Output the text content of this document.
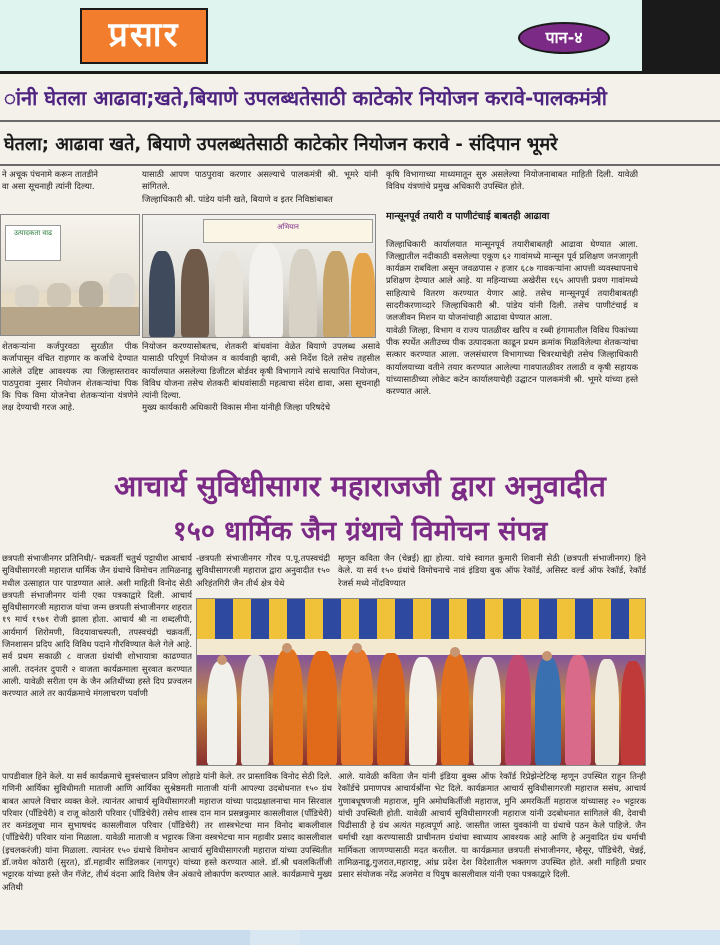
प्रसार	पान-४
ांनी घेतला आढावा;खते,बियाणे उपलब्धतेसाठी काटेकोर नियोजन करावे-पालकमंत्री
घेतला; आढावा खते, बियाणे उपलब्धतेसाठी काटेकोर नियोजन करावे - संदिपान भूमरे
ने अचूक पंचनामे करून तातडीने
वा असा सूचनाही त्यांनी दिल्या.
यासाठी आपण पाठपुरावा करणार असल्याचे पालकमंत्री श्री. भूमरे यांनी सांगितले.
जिल्हाधिकारी श्री. पांडेय यांनी खते, बियाणे व इतर निविष्ठांबाबत
कृषि विभागाच्या माध्यमातून सुरु असलेल्या नियोजनाबाबत माहिती दिली. यावेळी विविध यंत्रणांचे प्रमुख अधिकारी उपस्थित होते.

मान्सूनपूर्व तयारी व पाणीटंचाई बाबतही आढावा

जिल्हाधिकारी कार्यालयात मान्सूनपूर्व तयारीबाबतही आढावा घेण्यात आला. जिल्ह्यातील नदीकाठी वसलेल्या एकूण ६२ गावांमध्ये मान्सून पूर्व प्रशिक्षण जनजागृती कार्यक्रम राबविला असून जवळपास २ हजार ६८७ गावकऱ्यांना आपत्ती व्यवस्थापनाचे प्रशिक्षण देण्यात आले आहे. या महिन्याच्या अखेरीस १६५ आपत्ती प्रवण गावांमध्ये साहित्याचे वितरण करण्यात येणार आहे. तसेच मान्सूनपूर्व तयारीबाबतही सादरीकरणाव्दारे जिल्हाधिकारी श्री. पांडेय यांनी दिली. तसेच पाणीटंचाई व जलजीवन मिशन या योजनांचाही आढावा घेण्यात आला.
यावेळी जिल्हा, विभाग व राज्य पातळीवर खरिप व रब्बी हंगामातील विविध पिकांच्या पीक स्पर्धेत अतीउच्च पीक उत्पादकता काढून प्रथम क्रमांक मिळविलेल्या शेतकऱ्यांचा सत्कार करण्यात आला. जलसंधारण विभागाच्या चित्ररथाचेही तसेच जिल्हाधिकारी कार्यालयाच्या वतीने तयार करण्यात आलेल्या गावपातळीवर तलाठी व कृषी सहायक यांच्यासाठीच्या लोकेट कटेन कार्यालयाचेही उद्घाटन पालकमंत्री श्री. भूमरे यांच्या हस्ते करण्यात आले.

उत्पादकता वाढ
अभियान
शेतकऱ्यांना कर्जपुरवठा सुरळीत पीक कर्जापासून वंचित राहणार क कर्जाचे देण्यात आलेले उद्दिष्ट आवश्यक त्या जिल्हास्तरावर पाठपुरावा नुसार नियोजन शेतकऱ्यांचा पिक कि पिक विमा योजनेचा शेतकऱ्यांना यंत्रणेने लक्ष देण्याची गरज आहे.
नियोजन करण्यासोबतच, शेतकरी बांधवांना वेळेत बियाणे उपलब्ध असावे यासाठी परिपूर्ण नियोजन व कार्यवाही व्हावी, असे निर्देश दिले तसेच तहसील कार्यालयात असलेल्या डिजीटल बोर्डवर कृषी विभागाने त्यांचे सत्यापित नियोजन, विविध योजना तसेच शेतकरी बांधवांसाठी महत्वाचा संदेश द्यावा, असा सूचनाही त्यांनी दिल्या.
मुख्य कार्यकारी अधिकारी विकास मीना यांनीही जिल्हा परिषदेचे
आचार्य सुविधीसागर महाराजजी द्वारा अनुवादीत
१५० धार्मिक जैन ग्रंथाचे विमोचन संपन्न
छत्रपती संभाजीनगर प्रतिनिधी/- चक्रवर्ती चतुर्थ पट्टाधीश आचार्य सुविधीसागरजी महाराज धार्मिक जैन ग्रंथाचे विमोचन तामिळनाडू मधील उत्साहात पार पाडण्यात आले. अशी माहिती विनोद सेठी छत्रपती संभाजीनगर यांनी एका पत्रकाद्वारे दिली. आचार्य सुविधीसागरजी महाराज यांचा जन्म छत्रपती संभाजीनगर शहरात १९ मार्च १९७१ रोजी झाला होता. आचार्य श्री ना शब्दलीपी, आर्यमार्ग शिरोमणी, विदयावाचस्पती, तपस्वचंद्री चक्रवर्ती, जिनशासन प्रदिप आदि विविध पदाने गौरविण्यात केले गेले आहे. सर्व प्रथम सकाळी ८ वाजता ग्रंथांची शोभायात्रा काढण्यात आली. तदनंतर दुपारी २ वाजता कार्यक्रमाला सुरवात करण्यात आली. यावेळी सरीता एम के जैन अतिथींच्या हस्ते दिप प्रज्वलन करण्यात आले तर कार्यक्रमाचे मंगलाचरण पर्वाणी
-छत्रपती संभाजीनगर गौरव प.पू.तपस्वचंद्री सुविधीसागरजी महाराज द्वारा अनुवादीत १५० अरिहंतगिरी जैन तीर्थ क्षेत्र येथे
म्हणून कविता जैन (चेन्नई) ह्या होत्या. यांचे स्वागत कुमारी शिवानी सेठी (छत्रपती संभाजीनगर) हिने केले. या सर्व १५० ग्रंथांचे विमोचनाचे नावं इंडिया बुक ऑफ रेकॉर्ड, असिस्ट वर्ल्ड ऑफ रेकॉर्ड, रेकॉर्ड रेजर्स मध्ये नोंदविण्यात
पापडीवाल हिने केले. या सर्व कार्यक्रमाचे सुत्रसंचालन प्रविण लोहाडे यांनी केले. तर प्रास्ताविक विनोद सेठी दिले. गणिनी आर्यिका सुविधीमती माताजी आणि आर्यिका सुश्रेष्ठमती माताजी यांनी आपल्या उदबोधनात १५० ग्रंथ बाबत आपले विचार व्यक्त केले. त्यानंतर आचार्य सुविधीसागरजी महाराज यांच्या पादप्रक्षालनाचा मान सिरवाल परिवार (पॉंडिचेरी) व राजू कोठारी परिवार (पॉंडिचेरी) तसेच शास्त्र दान मान प्रसन्नकुमार कासलीवाल (पॉंडिचेरी) तर कमंडलूचा मान सुभाषचंद कासलीवाल परिवार (पॉंडिचेरी) तर शास्त्रभेटचा मान विनोद बाकलीवाल (पॉंडिचेरी) परिवार यांना मिळाला. यावेळी माताजी व भट्टारक जिना वस्त्रभेटचा मान महावीर प्रसाद कासलीवाल (इचलकरंजी) यांना मिळाला. त्यानंतर १५० ग्रंथाचे विमोचन आचार्य सुविधीसागरजी महाराज यांच्या उपस्थितीत डॉ.जयेश कोठारी (सुरत), डॉ.महावीर सांडिलकर (नागपुर) यांच्या हस्ते करण्यात आले. डॉ.श्री धवलकिर्तीजी भट्टारक यांच्या हस्ते जैन गॅजेट, तीर्थ वंदना आदि विशेष जैन अंकाचे लोकार्पण करण्यात आले. कार्यक्रमाचे मुख्य अतिथी
आले. यावेळी कविता जैन यांनी इंडिया बुक्स ऑफ रेकॉर्ड रिप्रेझेन्टेटिव्ह म्हणून उपस्थित राहून तिन्ही रेकॉर्डचे प्रमाणपत्र आचार्यश्रींना भेट दिले. कार्यक्रमात आचार्य सुविधीसागरजी महाराज ससंघ, आचार्य गुणाबधूषणजी महाराज, मुनि अमोघकिर्तीजी महाराज, मुनि अमरकिर्ती महाराज यांच्यासह २० भट्टारक यांची उपस्थिती होती. यावेळी आचार्य सुविधीसागरजी महाराज यांनी उदबोधनात सांगितले की, देवाची पिढीसाठी हे ग्रंथ अत्यंत महत्वपूर्ण आहे. जास्तीत जास्त युवकांनी या ग्रंथाचे पठन केले पाहिजे. जैन धर्माची रक्षा करण्यासाठी प्राचीनतम ग्रंथांचा स्वाध्याय आवश्यक आहे आणि हे अनुवादित ग्रंथ धर्माची मार्मिकता जाणण्यासाठी मदत करतील. या कार्यक्रमात छत्रपती संभाजीनगर, म्हैसूर, पॉंडिचेरी, चेन्नई, तामिळनाडू,गुजरात,महाराष्ट्र, आंध्र प्रदेश देश विदेशातील भक्तगण उपस्थित होते. अशी माहिती प्रचार प्रसार संयोजक नरेंद्र अजमेरा व पियुष कासलीवाल यांनी एका पत्रकाद्वारे दिली.
